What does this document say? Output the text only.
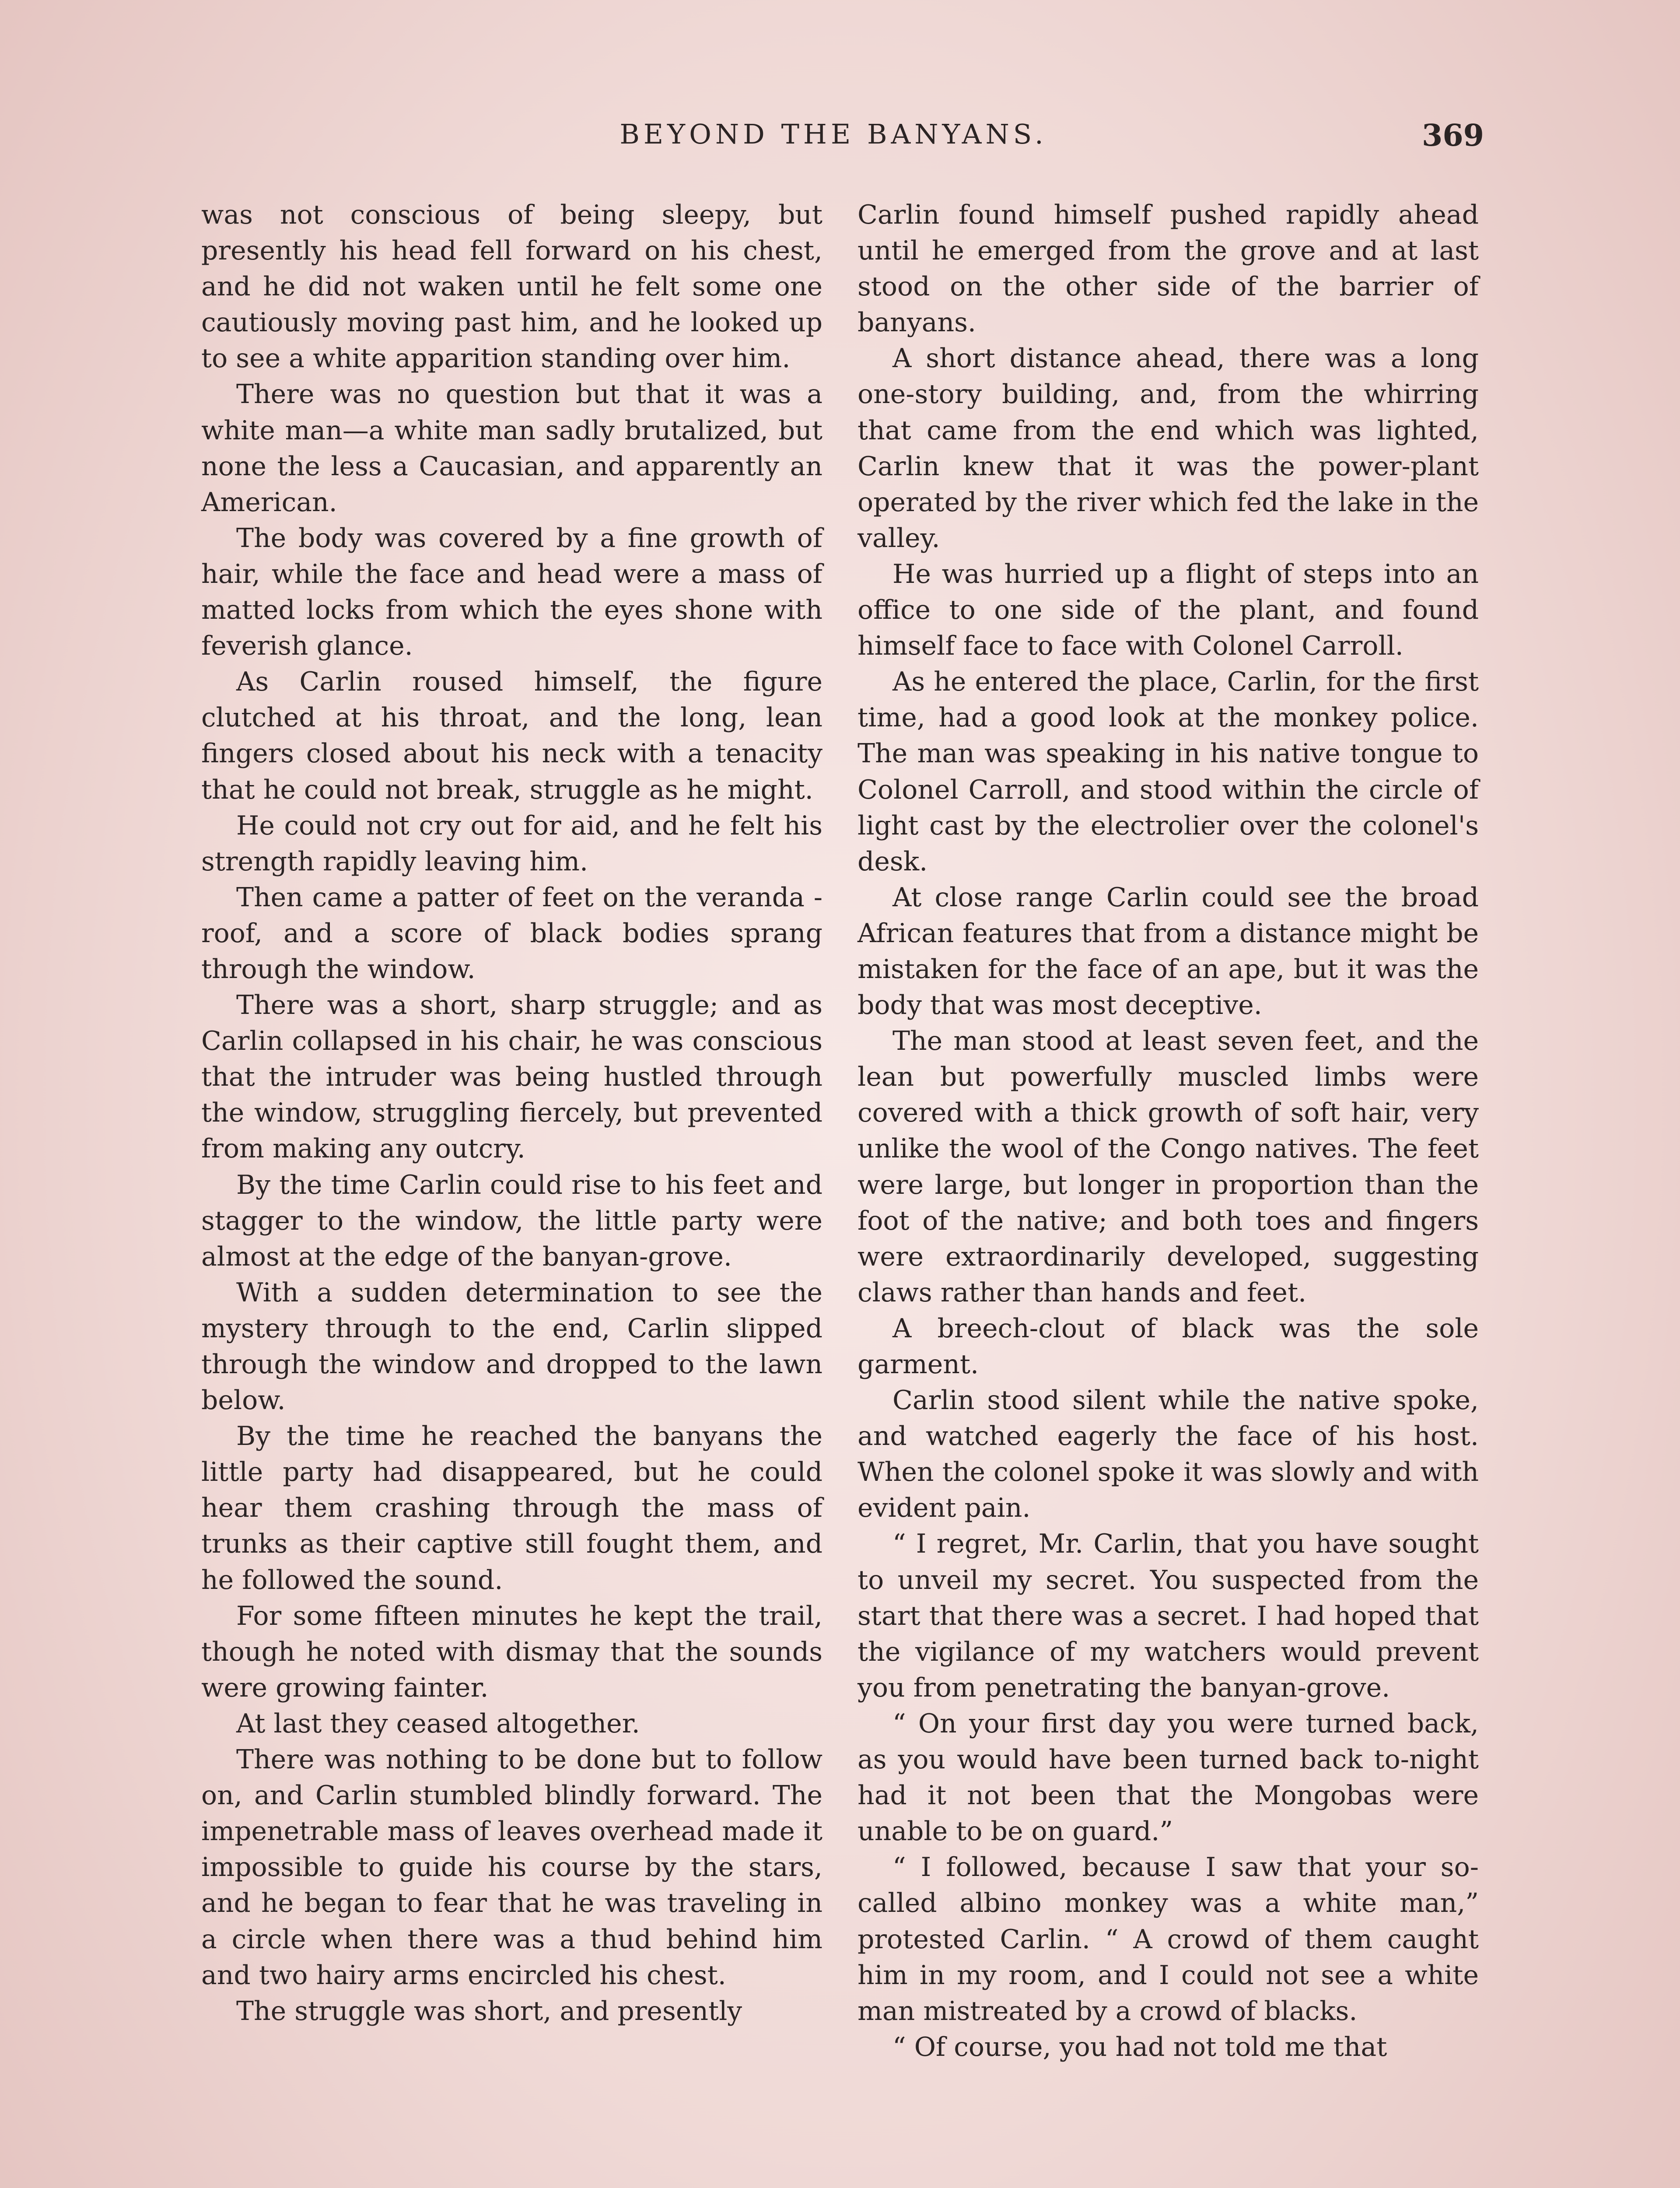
BEYOND THE BANYANS.	369

was not conscious of being sleepy, but presently his head fell forward on his chest, and he did not waken until he felt some one cautiously moving past him, and he looked up to see a white apparition standing over him.

There was no question but that it was a white man—a white man sadly brutalized, but none the less a Caucasian, and apparently an American.

The body was covered by a fine growth of hair, while the face and head were a mass of matted locks from which the eyes shone with feverish glance.

As Carlin roused himself, the figure clutched at his throat, and the long, lean fingers closed about his neck with a tenacity that he could not break, struggle as he might.

He could not cry out for aid, and he felt his strength rapidly leaving him.

Then came a patter of feet on the veranda - roof, and a score of black bodies sprang through the window.

There was a short, sharp struggle; and as Carlin collapsed in his chair, he was conscious that the intruder was being hustled through the window, struggling fiercely, but prevented from making any outcry.

By the time Carlin could rise to his feet and stagger to the window, the little party were almost at the edge of the banyan-grove.

With a sudden determination to see the mystery through to the end, Carlin slipped through the window and dropped to the lawn below.

By the time he reached the banyans the little party had disappeared, but he could hear them crashing through the mass of trunks as their captive still fought them, and he followed the sound.

For some fifteen minutes he kept the trail, though he noted with dismay that the sounds were growing fainter.

At last they ceased altogether.

There was nothing to be done but to follow on, and Carlin stumbled blindly forward. The impenetrable mass of leaves overhead made it impossible to guide his course by the stars, and he began to fear that he was traveling in a circle when there was a thud behind him and two hairy arms encircled his chest.

The struggle was short, and presently

Carlin found himself pushed rapidly ahead until he emerged from the grove and at last stood on the other side of the barrier of banyans.

A short distance ahead, there was a long one-story building, and, from the whirring that came from the end which was lighted, Carlin knew that it was the power-plant operated by the river which fed the lake in the valley.

He was hurried up a flight of steps into an office to one side of the plant, and found himself face to face with Colonel Carroll.

As he entered the place, Carlin, for the first time, had a good look at the monkey police. The man was speaking in his native tongue to Colonel Carroll, and stood within the circle of light cast by the electrolier over the colonel's desk.

At close range Carlin could see the broad African features that from a distance might be mistaken for the face of an ape, but it was the body that was most deceptive.

The man stood at least seven feet, and the lean but powerfully muscled limbs were covered with a thick growth of soft hair, very unlike the wool of the Congo natives. The feet were large, but longer in proportion than the foot of the native; and both toes and fingers were extraordinarily developed, suggesting claws rather than hands and feet.

A breech-clout of black was the sole garment.

Carlin stood silent while the native spoke, and watched eagerly the face of his host. When the colonel spoke it was slowly and with evident pain.

“ I regret, Mr. Carlin, that you have sought to unveil my secret. You suspected from the start that there was a secret. I had hoped that the vigilance of my watchers would prevent you from penetrating the banyan-grove.

“ On your first day you were turned back, as you would have been turned back to-night had it not been that the Mongobas were unable to be on guard.”

“ I followed, because I saw that your so-called albino monkey was a white man,” protested Carlin. “ A crowd of them caught him in my room, and I could not see a white man mistreated by a crowd of blacks.

“ Of course, you had not told me that
